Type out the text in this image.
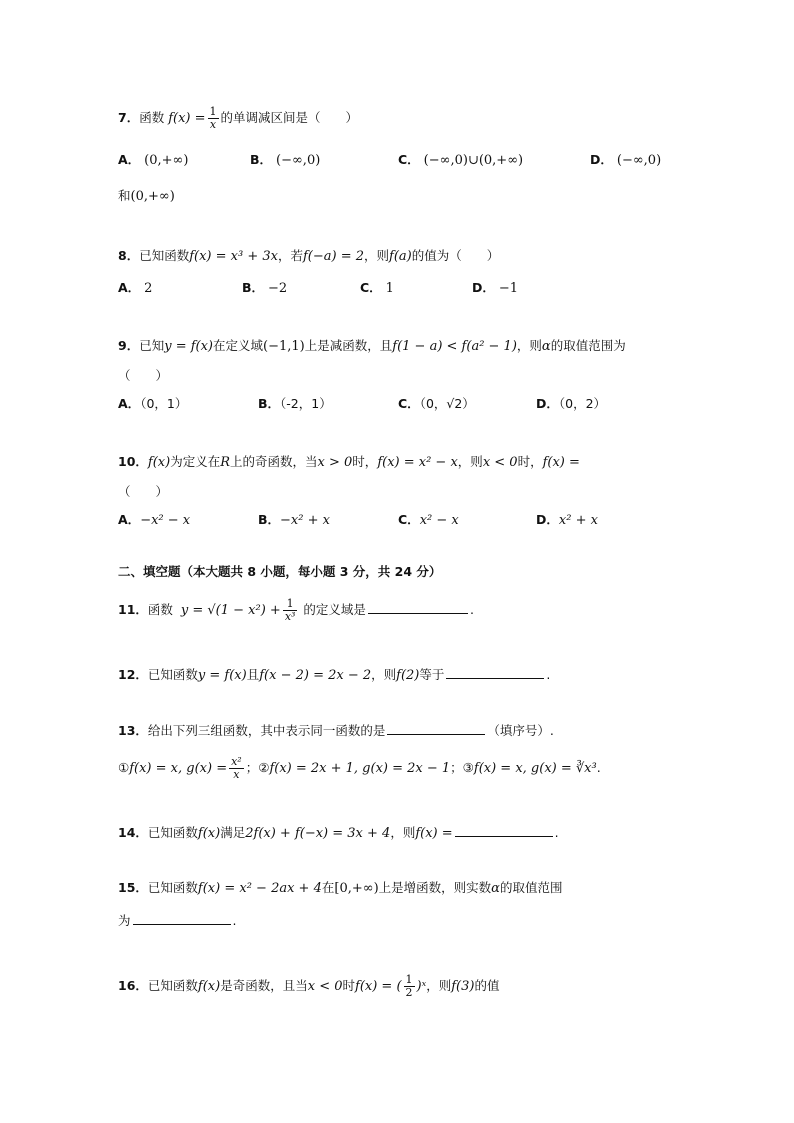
7．函数 $f(x) = \frac{1}{x}$ 的单调减区间是（　　）
A． (0,+∞)	B． (−∞,0)	C． (−∞,0)∪(0,+∞)	D． (−∞,0)
和(0,+∞)
8．已知函数f(x) = x³ + 3x，若f(−a) = 2，则f(a)的值为（　　）
A． 2	B． −2	C． 1	D． −1
9．已知y = f(x)在定义域(−1,1)上是减函数，且f(1 − a) < f(a² − 1)，则α的取值范围为
（　　）
A．（0，1）	B．（-2，1）	C．（0，√2）	D．（0，2）
10．f(x)为定义在R上的奇函数，当x > 0时，f(x) = x² − x，则x < 0时，f(x) =
（　　）
A．−x² − x	B．−x² + x	C．x² − x	D．x² + x
二、填空题（本大题共 8 小题，每小题 3 分，共 24 分）
11．函数 $y = √(1 - x^2) + \frac{1}{\text{x³}}$ 的定义域是	.
12．已知函数y = f(x)且f(x − 2) = 2x − 2，则f(2)等于	.
13．给出下列三组函数，其中表示同一函数的是	（填序号）.
①f(x) = x, $g(x) = \frac{\text{x²}}{x}$ ；②f(x) = 2x + 1, g(x) = 2x − 1；③f(x) = x, g(x) = ∛x³.
14．已知函数f(x)满足2f(x) + f(−x) = 3x + 4，则f(x) =	.
15．已知函数f(x) = x² − 2ax + 4在[0,+∞)上是增函数，则实数α的取值范围
为	.
16．已知函数f(x)是奇函数，且当x < 0时f(x) = ( $\frac{1}{2}$ )ˣ，则f(3)的值
